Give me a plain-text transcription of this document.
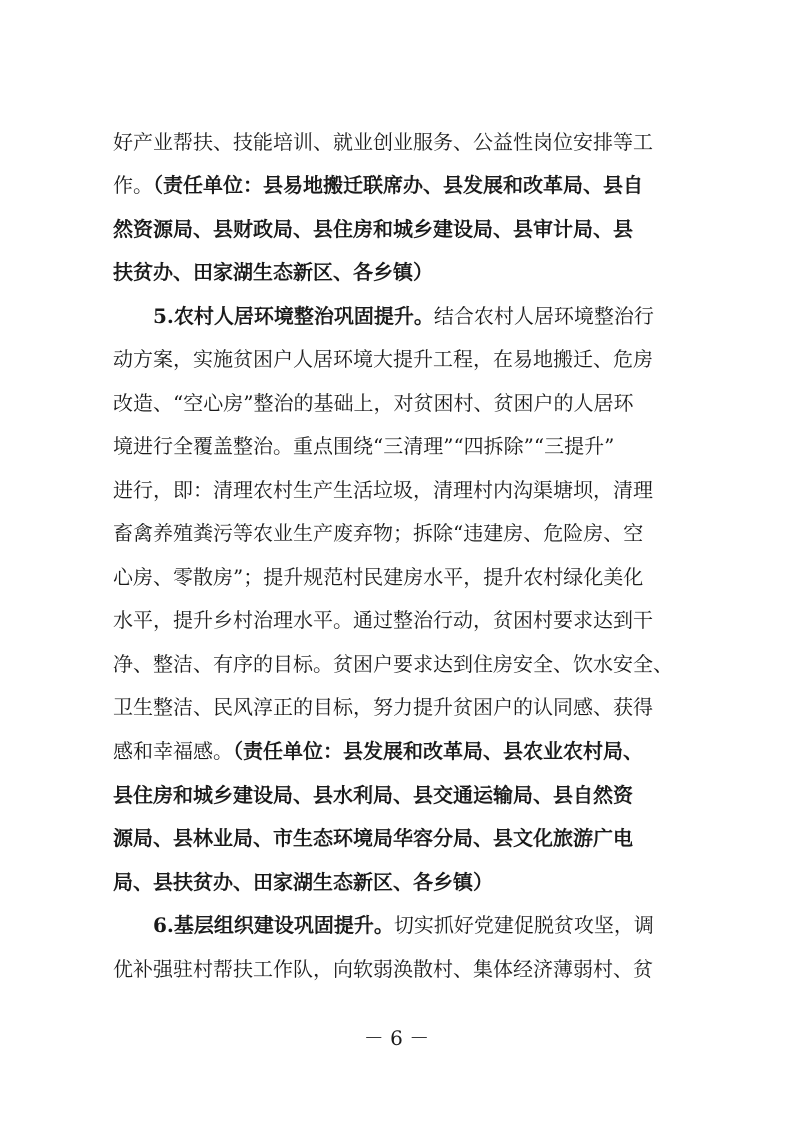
好产业帮扶、技能培训、就业创业服务、公益性岗位安排等工
作。（责任单位：县易地搬迁联席办、县发展和改革局、县自
然资源局、县财政局、县住房和城乡建设局、县审计局、县
扶贫办、田家湖生态新区、各乡镇）
5.农村人居环境整治巩固提升。结合农村人居环境整治行
动方案，实施贫困户人居环境大提升工程，在易地搬迁、危房
改造、“空心房”整治的基础上，对贫困村、贫困户的人居环
境进行全覆盖整治。重点围绕“三清理”“四拆除”“三提升”
进行，即：清理农村生产生活垃圾，清理村内沟渠塘坝，清理
畜禽养殖粪污等农业生产废弃物；拆除“违建房、危险房、空
心房、零散房”；提升规范村民建房水平，提升农村绿化美化
水平，提升乡村治理水平。通过整治行动，贫困村要求达到干
净、整洁、有序的目标。贫困户要求达到住房安全、饮水安全、
卫生整洁、民风淳正的目标，努力提升贫困户的认同感、获得
感和幸福感。（责任单位：县发展和改革局、县农业农村局、
县住房和城乡建设局、县水利局、县交通运输局、县自然资
源局、县林业局、市生态环境局华容分局、县文化旅游广电
局、县扶贫办、田家湖生态新区、各乡镇）
6.基层组织建设巩固提升。切实抓好党建促脱贫攻坚，调
优补强驻村帮扶工作队，向软弱涣散村、集体经济薄弱村、贫
－ 6 －
